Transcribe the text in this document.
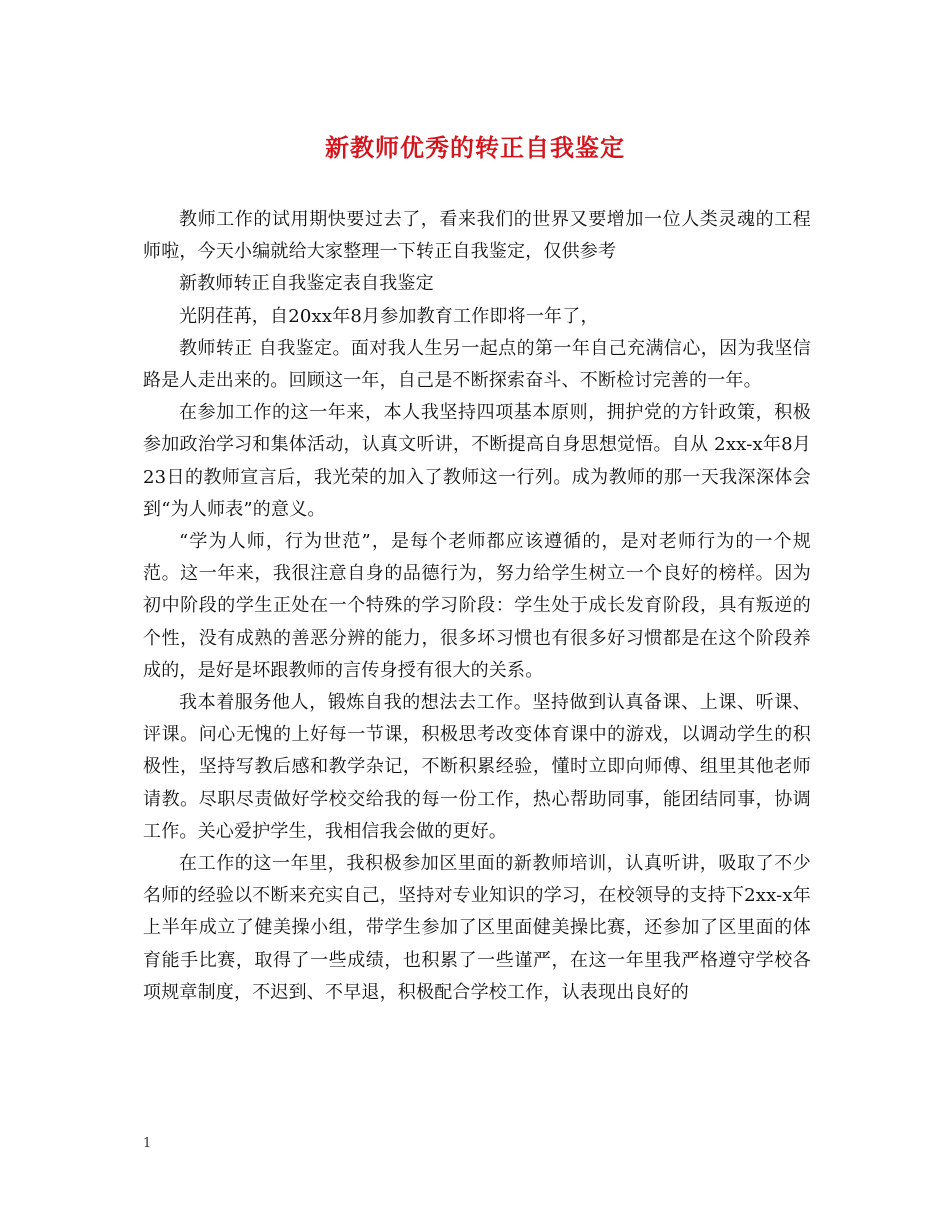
新教师优秀的转正自我鉴定

教师工作的试用期快要过去了，看来我们的世界又要增加一位人类灵魂的工程师啦，今天小编就给大家整理一下转正自我鉴定，仅供参考

新教师转正自我鉴定表自我鉴定

光阴荏苒，自20xx年8月参加教育工作即将一年了，

教师转正 自我鉴定。面对我人生另一起点的第一年自己充满信心，因为我坚信路是人走出来的。回顾这一年，自己是不断探索奋斗、不断检讨完善的一年。

在参加工作的这一年来，本人我坚持四项基本原则，拥护党的方针政策，积极参加政治学习和集体活动，认真文听讲，不断提高自身思想觉悟。自从 2xx-x年8月23日的教师宣言后，我光荣的加入了教师这一行列。成为教师的那一天我深深体会到“为人师表”的意义。

“学为人师，行为世范”，是每个老师都应该遵循的，是对老师行为的一个规范。这一年来，我很注意自身的品德行为，努力给学生树立一个良好的榜样。因为初中阶段的学生正处在一个特殊的学习阶段：学生处于成长发育阶段，具有叛逆的个性，没有成熟的善恶分辨的能力，很多坏习惯也有很多好习惯都是在这个阶段养成的，是好是坏跟教师的言传身授有很大的关系。

我本着服务他人，锻炼自我的想法去工作。坚持做到认真备课、上课、听课、评课。问心无愧的上好每一节课，积极思考改变体育课中的游戏，以调动学生的积极性，坚持写教后感和教学杂记，不断积累经验，懂时立即向师傅、组里其他老师请教。尽职尽责做好学校交给我的每一份工作，热心帮助同事，能团结同事，协调工作。关心爱护学生，我相信我会做的更好。

在工作的这一年里，我积极参加区里面的新教师培训，认真听讲，吸取了不少名师的经验以不断来充实自己，坚持对专业知识的学习，在校领导的支持下2xx-x年上半年成立了健美操小组，带学生参加了区里面健美操比赛，还参加了区里面的体育能手比赛，取得了一些成绩，也积累了一些谨严，在这一年里我严格遵守学校各项规章制度，不迟到、不早退，积极配合学校工作，认表现出良好的

1
